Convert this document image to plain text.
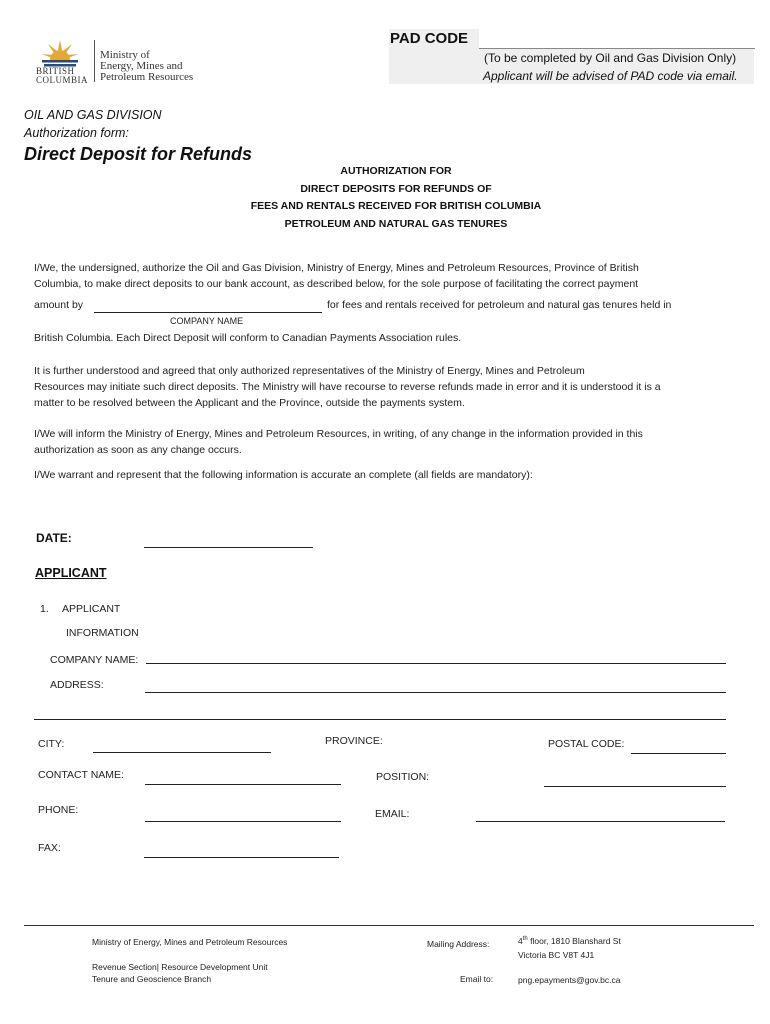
BRITISH
COLUMBIA
Ministry of
Energy, Mines and
Petroleum Resources
PAD CODE
(To be completed by Oil and Gas Division Only)
Applicant will be advised of PAD code via email.
OIL AND GAS DIVISION
Authorization form:
Direct Deposit for Refunds
AUTHORIZATION FOR
DIRECT DEPOSITS FOR REFUNDS OF
FEES AND RENTALS RECEIVED FOR BRITISH COLUMBIA
PETROLEUM AND NATURAL GAS TENURES
I/We, the undersigned, authorize the Oil and Gas Division, Ministry of Energy, Mines and Petroleum Resources, Province of British
Columbia, to make direct deposits to our bank account, as described below, for the sole purpose of facilitating the correct payment
amount by	for fees and rentals received for petroleum and natural gas tenures held in
COMPANY NAME
British Columbia. Each Direct Deposit will conform to Canadian Payments Association rules.
It is further understood and agreed that only authorized representatives of the Ministry of Energy, Mines and Petroleum
Resources may initiate such direct deposits. The Ministry will have recourse to reverse refunds made in error and it is understood it is a
matter to be resolved between the Applicant and the Province, outside the payments system.
I/We will inform the Ministry of Energy, Mines and Petroleum Resources, in writing, of any change in the information provided in this
authorization as soon as any change occurs.
I/We warrant and represent that the following information is accurate an complete (all fields are mandatory):
DATE:
APPLICANT
1. APPLICANT
INFORMATION
COMPANY NAME:
ADDRESS:
CITY:	PROVINCE:	POSTAL CODE:
CONTACT NAME:	POSITION:
PHONE:	EMAIL:
FAX:
Ministry of Energy, Mines and Petroleum Resources
Revenue Section| Resource Development Unit
Tenure and Geoscience Branch
Mailing Address:	4th floor, 1810 Blanshard St
Victoria BC V8T 4J1
Email to:	png.epayments@gov.bc.ca
